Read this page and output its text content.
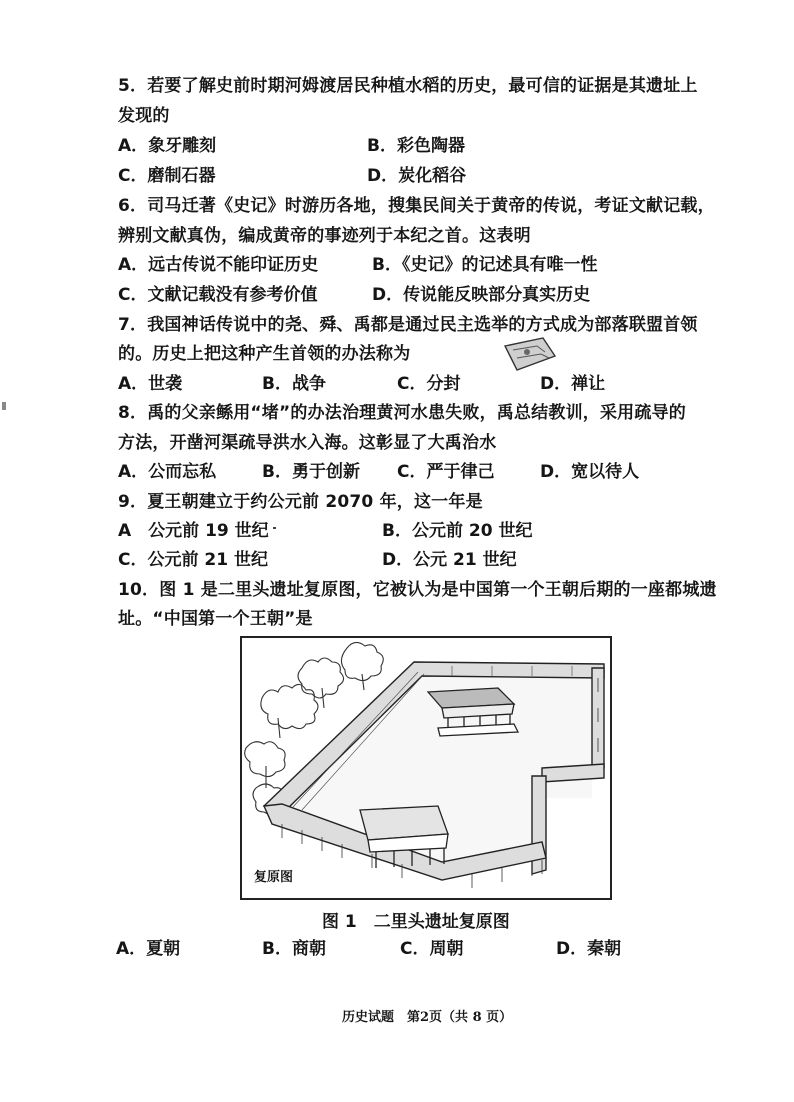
5．若要了解史前时期河姆渡居民种植水稻的历史，最可信的证据是其遗址上
发现的
A．象牙雕刻	B．彩色陶器
C．磨制石器	D．炭化稻谷
6．司马迁著《史记》时游历各地，搜集民间关于黄帝的传说，考证文献记载，
辨别文献真伪，编成黄帝的事迹列于本纪之首。这表明
A．远古传说不能印证历史	B．《史记》的记述具有唯一性
C．文献记载没有参考价值	D．传说能反映部分真实历史
7．我国神话传说中的尧、舜、禹都是通过民主选举的方式成为部落联盟首领
的。历史上把这种产生首领的办法称为
A．世袭	B．战争	C．分封	D．禅让
8．禹的父亲鲧用“堵”的办法治理黄河水患失败，禹总结教训，采用疏导的
方法，开凿河渠疏导洪水入海。这彰显了大禹治水
A．公而忘私	B．勇于创新 C．严于律己	D．宽以待人
9．夏王朝建立于约公元前 2070 年，这一年是
A　公元前 19 世纪	B．公元前 20 世纪
C．公元前 21 世纪	D．公元 21 世纪
10．图 1 是二里头遗址复原图，它被认为是中国第一个王朝后期的一座都城遗
址。“中国第一个王朝”是
复原图
图 1　二里头遗址复原图
A．夏朝	B．商朝	C．周朝	D．秦朝
历史试题　第2页（共 8 页）
